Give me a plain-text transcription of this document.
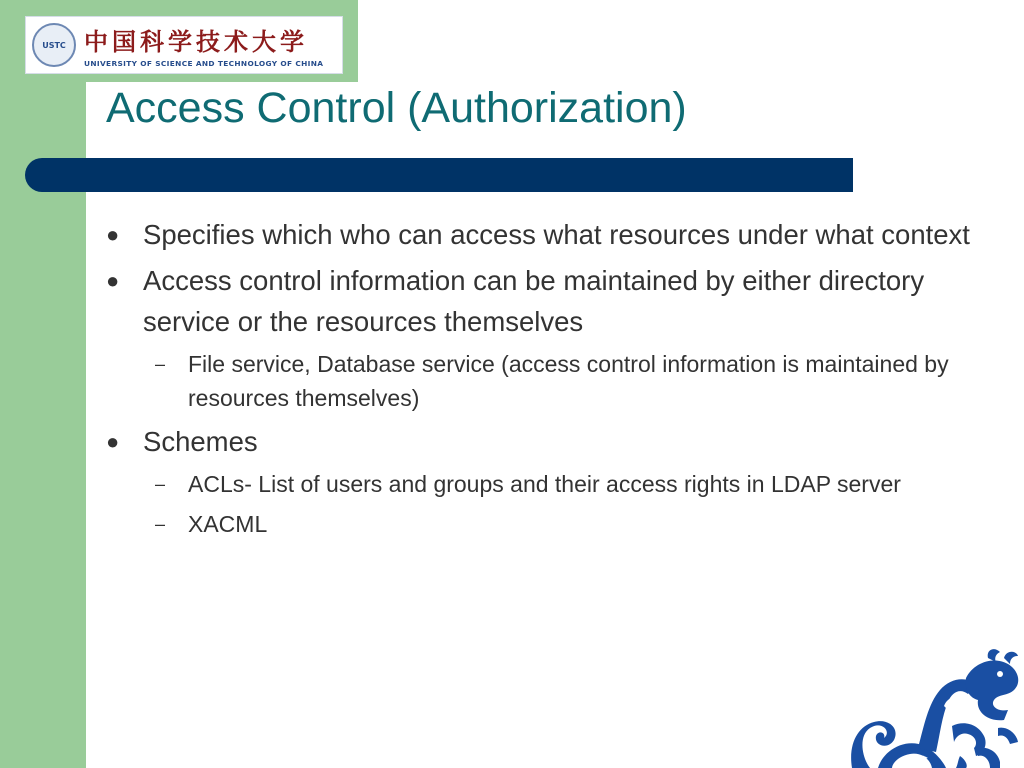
USTC 中国科学技术大学
UNIVERSITY OF SCIENCE AND TECHNOLOGY OF CHINA
Access Control (Authorization)
● Specifies which who can access what resources under what context
● Access control information can be maintained by either directory service or the resources themselves
– File service, Database service (access control information is maintained by resources themselves)
● Schemes
– ACLs- List of users and groups and their access rights in LDAP server
– XACML
